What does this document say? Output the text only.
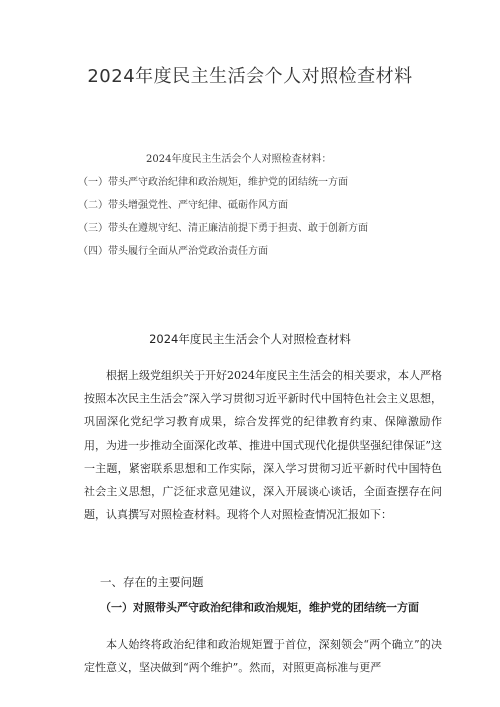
2024年度民主生活会个人对照检查材料
2024年度民主生活会个人对照检查材料：
（一）带头严守政治纪律和政治规矩，维护党的团结统一方面
（二）带头增强党性、严守纪律、砥砺作风方面
（三）带头在遵规守纪、清正廉洁前提下勇于担责、敢于创新方面
（四）带头履行全面从严治党政治责任方面
2024年度民主生活会个人对照检查材料

根据上级党组织关于开好2024年度民主生活会的相关要求，本人严格按照本次民主生活会”深入学习贯彻习近平新时代中国特色社会主义思想，巩固深化党纪学习教育成果，综合发挥党的纪律教育约束、保障激励作用，为进一步推动全面深化改革、推进中国式现代化提供坚强纪律保证”这一主题，紧密联系思想和工作实际，深入学习贯彻习近平新时代中国特色社会主义思想，广泛征求意见建议，深入开展谈心谈话，全面查摆存在问题，认真撰写对照检查材料。现将个人对照检查情况汇报如下：

一、存在的主要问题
（一）对照带头严守政治纪律和政治规矩，维护党的团结统一方面

本人始终将政治纪律和政治规矩置于首位，深刻领会“两个确立”的决定性意义，坚决做到“两个维护”。然而，对照更高标准与更严
